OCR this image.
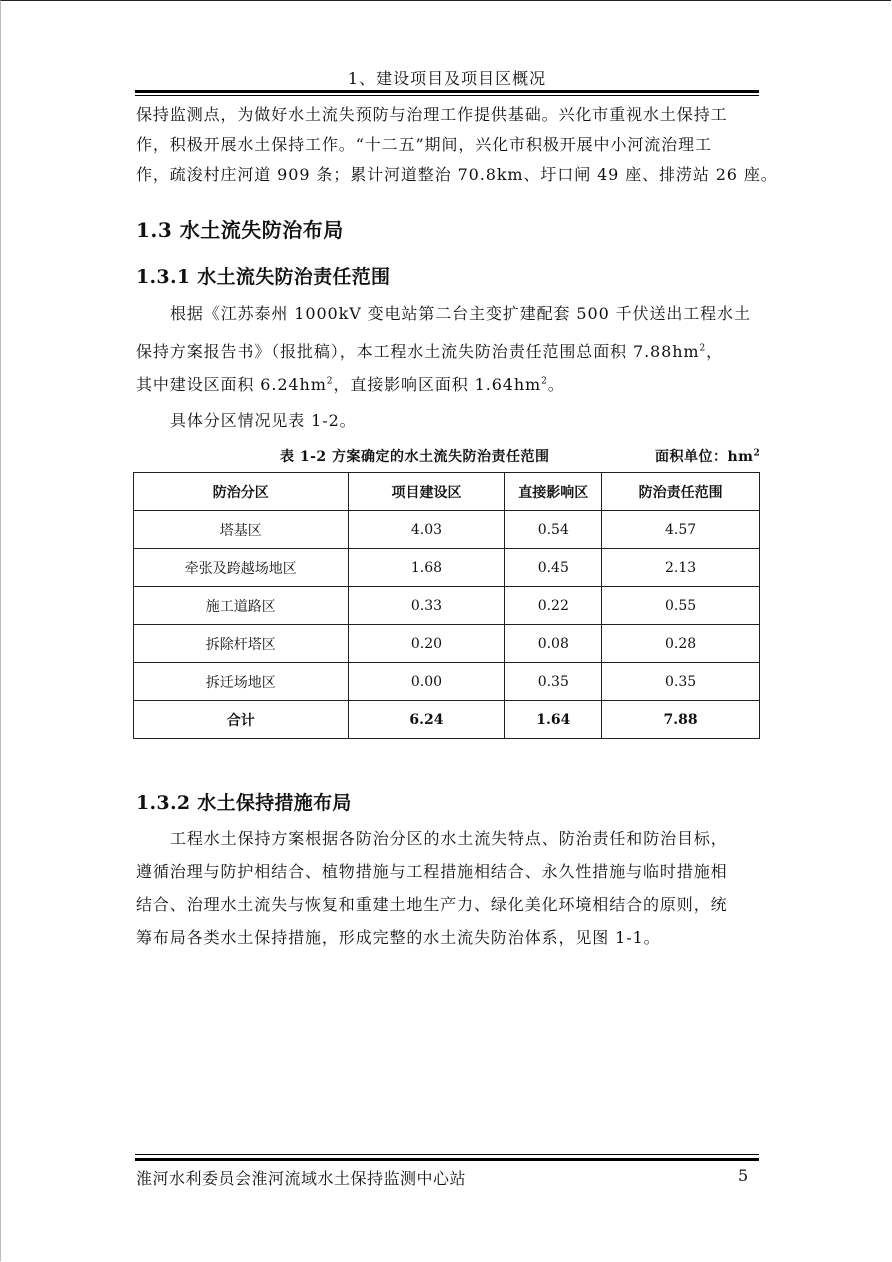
1、建设项目及项目区概况
保持监测点，为做好水土流失预防与治理工作提供基础。兴化市重视水土保持工
作，积极开展水土保持工作。“十二五”期间，兴化市积极开展中小河流治理工
作，疏浚村庄河道 909 条；累计河道整治 70.8km、圩口闸 49 座、排涝站 26 座。
1.3 水土流失防治布局
1.3.1 水土流失防治责任范围
根据《江苏泰州 1000kV 变电站第二台主变扩建配套 500 千伏送出工程水土
保持方案报告书》（报批稿），本工程水土流失防治责任范围总面积 $7.88hm^2$，
其中建设区面积 $6.24hm^2$，直接影响区面积 $1.64hm^2$。
具体分区情况见表 1-2。
表 1-2 方案确定的水土流失防治责任范围	面积单位：$hm^2$
防治分区	项目建设区	直接影响区	防治责任范围
塔基区	4.03	0.54	4.57
牵张及跨越场地区	1.68	0.45	2.13
施工道路区	0.33	0.22	0.55
拆除杆塔区	0.20	0.08	0.28
拆迁场地区	0.00	0.35	0.35
合计	6.24	1.64	7.88
1.3.2 水土保持措施布局
工程水土保持方案根据各防治分区的水土流失特点、防治责任和防治目标，
遵循治理与防护相结合、植物措施与工程措施相结合、永久性措施与临时措施相
结合、治理水土流失与恢复和重建土地生产力、绿化美化环境相结合的原则，统
筹布局各类水土保持措施，形成完整的水土流失防治体系，见图 1-1。
淮河水利委员会淮河流域水土保持监测中心站	5
